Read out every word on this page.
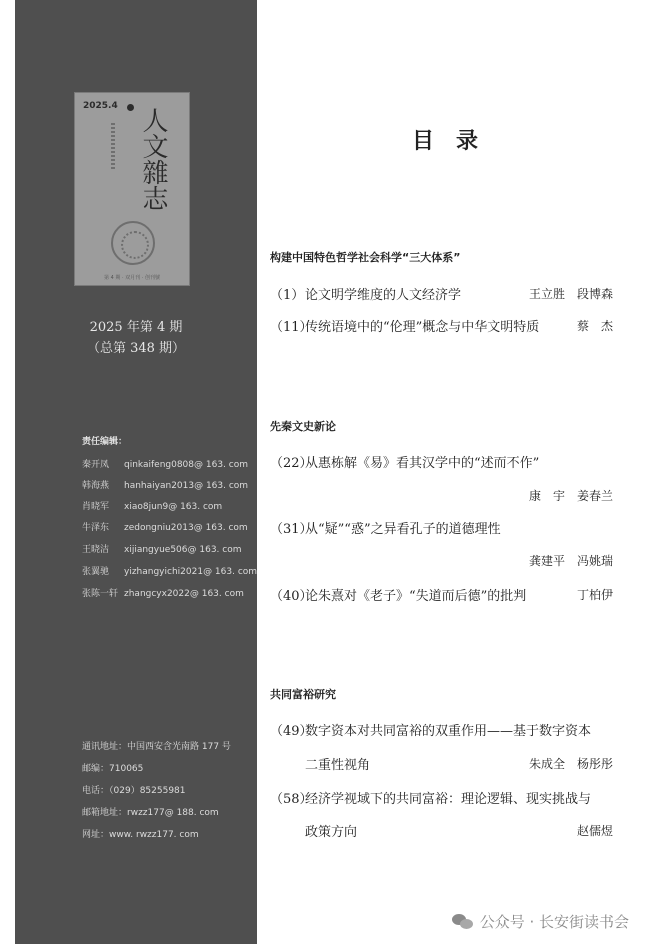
2025.4
人文雜志
第 4 期 · 双月刊 · 创刊號
2025 年第 4 期
（总第 348 期）
责任编辑：
秦开凤 qinkaifeng0808@ 163. com
韩海燕 hanhaiyan2013@ 163. com
肖晓军 xiao8jun9@ 163. com
牛泽东 zedongniu2013@ 163. com
王晓洁 xijiangyue506@ 163. com
张翼驰 yizhangyichi2021@ 163. com
张陈一轩 zhangcyx2022@ 163. com
通讯地址：中国西安含光南路 177 号
邮编：710065
电话：（029）85255981
邮箱地址：rwzz177@ 188. com
网址：www. rwzz177. com
目录
构建中国特色哲学社会科学“三大体系”
（1） 论文明学维度的人文经济学	王立胜　段博森
（11）
传统语境中的“伦理”概念与中华文明特质	蔡　杰
先秦文史新论
（22）
从惠栋解《易》看其汉学中的“述而不作”
康　宇　姜春兰
（31）
从“疑”“惑”之异看孔子的道德理性
龚建平　冯姚瑞
（40）
论朱熹对《老子》“失道而后德”的批判	丁柏伊
共同富裕研究
（49）
数字资本对共同富裕的双重作用——基于数字资本
二重性视角	朱成全　杨彤彤
（58）
经济学视域下的共同富裕：理论逻辑、现实挑战与
政策方向	赵儒煜
公众号 · 长安街读书会
